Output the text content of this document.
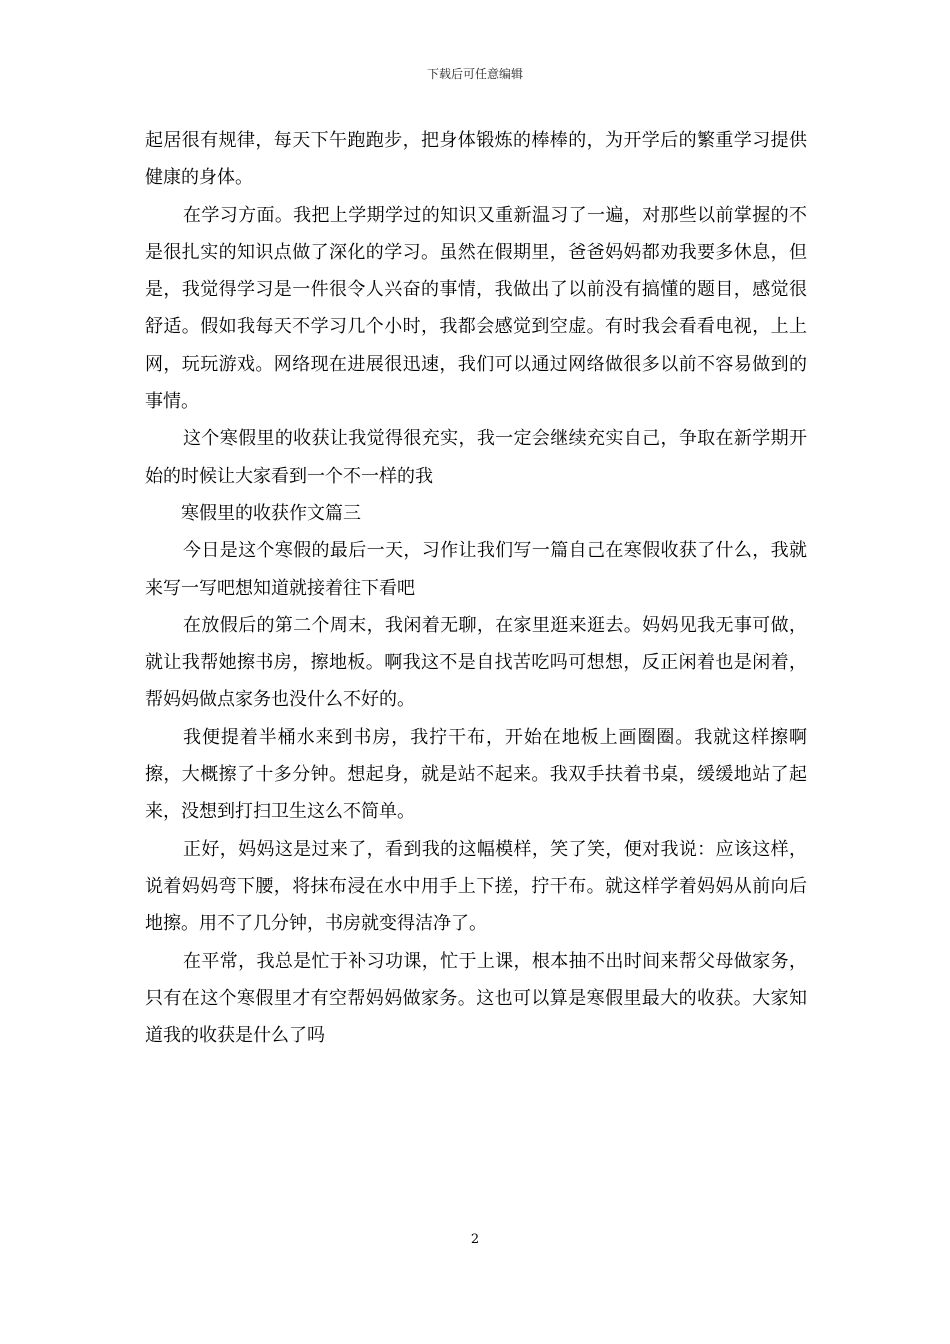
下载后可任意编辑

起居很有规律，每天下午跑跑步，把身体锻炼的棒棒的，为开学后的繁重学习提供健康的身体。

在学习方面。我把上学期学过的知识又重新温习了一遍，对那些以前掌握的不是很扎实的知识点做了深化的学习。虽然在假期里，爸爸妈妈都劝我要多休息，但是，我觉得学习是一件很令人兴奋的事情，我做出了以前没有搞懂的题目，感觉很舒适。假如我每天不学习几个小时，我都会感觉到空虚。有时我会看看电视，上上网，玩玩游戏。网络现在进展很迅速，我们可以通过网络做很多以前不容易做到的事情。

这个寒假里的收获让我觉得很充实，我一定会继续充实自己，争取在新学期开始的时候让大家看到一个不一样的我

寒假里的收获作文篇三

今日是这个寒假的最后一天，习作让我们写一篇自己在寒假收获了什么，我就来写一写吧想知道就接着往下看吧

在放假后的第二个周末，我闲着无聊，在家里逛来逛去。妈妈见我无事可做，就让我帮她擦书房，擦地板。啊我这不是自找苦吃吗可想想，反正闲着也是闲着，帮妈妈做点家务也没什么不好的。

我便提着半桶水来到书房，我拧干布，开始在地板上画圈圈。我就这样擦啊擦，大概擦了十多分钟。想起身，就是站不起来。我双手扶着书桌，缓缓地站了起来，没想到打扫卫生这么不简单。

正好，妈妈这是过来了，看到我的这幅模样，笑了笑，便对我说：应该这样，说着妈妈弯下腰，将抹布浸在水中用手上下搓，拧干布。就这样学着妈妈从前向后地擦。用不了几分钟，书房就变得洁净了。

在平常，我总是忙于补习功课，忙于上课，根本抽不出时间来帮父母做家务，只有在这个寒假里才有空帮妈妈做家务。这也可以算是寒假里最大的收获。大家知道我的收获是什么了吗

2
